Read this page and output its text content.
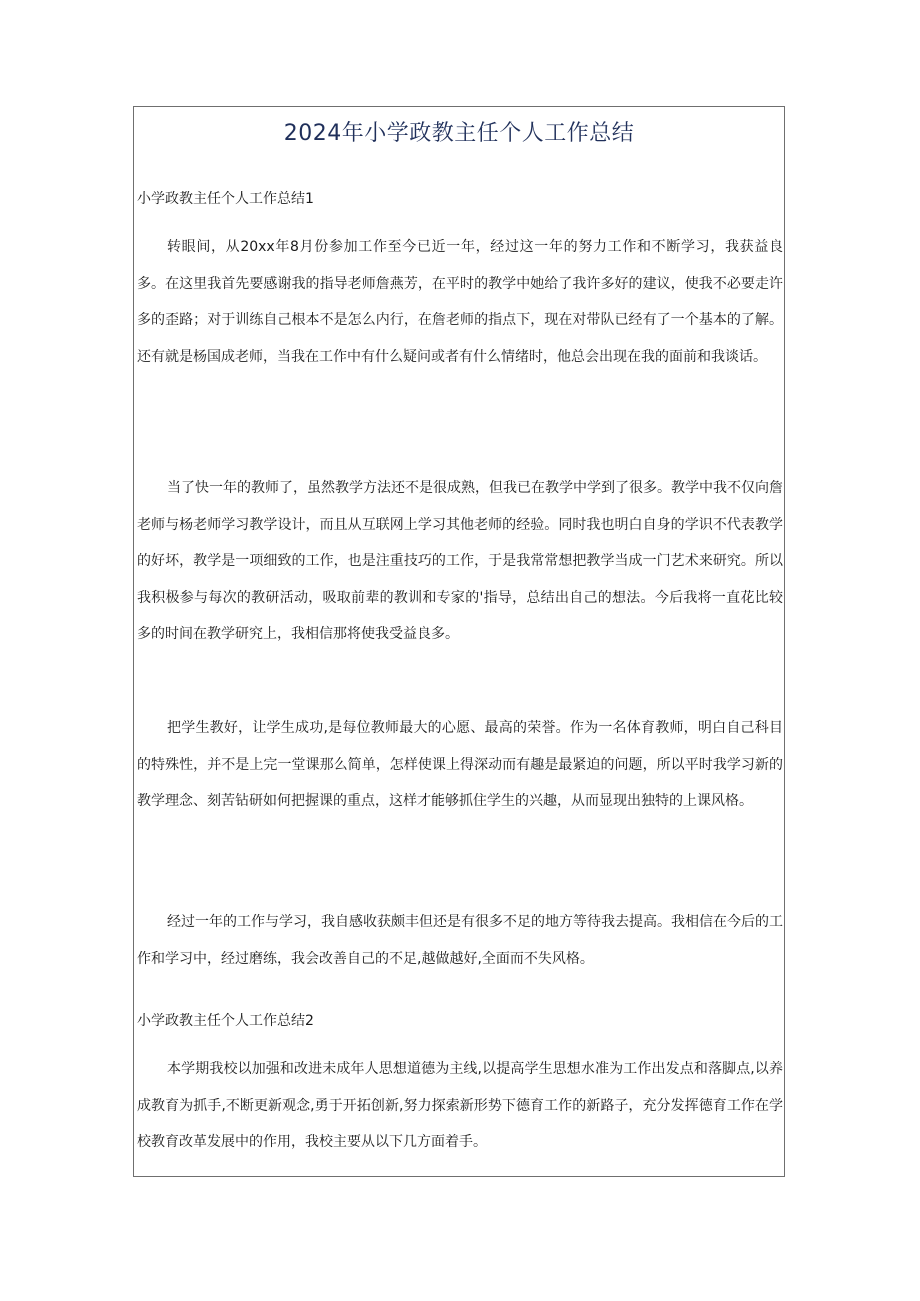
2024年小学政教主任个人工作总结
小学政教主任个人工作总结1

转眼间，从20xx年8月份参加工作至今已近一年，经过这一年的努力工作和不断学习，我获益良多。在这里我首先要感谢我的指导老师詹燕芳，在平时的教学中她给了我许多好的建议，使我不必要走许多的歪路；对于训练自己根本不是怎么内行，在詹老师的指点下，现在对带队已经有了一个基本的了解。还有就是杨国成老师，当我在工作中有什么疑问或者有什么情绪时，他总会出现在我的面前和我谈话。

当了快一年的教师了，虽然教学方法还不是很成熟，但我已在教学中学到了很多。教学中我不仅向詹老师与杨老师学习教学设计，而且从互联网上学习其他老师的经验。同时我也明白自身的学识不代表教学的好坏，教学是一项细致的工作，也是注重技巧的工作，于是我常常想把教学当成一门艺术来研究。所以我积极参与每次的教研活动，吸取前辈的教训和专家的'指导，总结出自己的想法。今后我将一直花比较多的时间在教学研究上，我相信那将使我受益良多。

把学生教好，让学生成功,是每位教师最大的心愿、最高的荣誉。作为一名体育教师，明白自己科目的特殊性，并不是上完一堂课那么简单，怎样使课上得深动而有趣是最紧迫的问题，所以平时我学习新的教学理念、刻苦钻研如何把握课的重点，这样才能够抓住学生的兴趣，从而显现出独特的上课风格。

经过一年的工作与学习，我自感收获颇丰但还是有很多不足的地方等待我去提高。我相信在今后的工作和学习中，经过磨练，我会改善自己的不足,越做越好,全面而不失风格。

小学政教主任个人工作总结2

本学期我校以加强和改进未成年人思想道德为主线,以提高学生思想水准为工作出发点和落脚点,以养成教育为抓手,不断更新观念,勇于开拓创新,努力探索新形势下德育工作的新路子，充分发挥德育工作在学校教育改革发展中的作用，我校主要从以下几方面着手。
